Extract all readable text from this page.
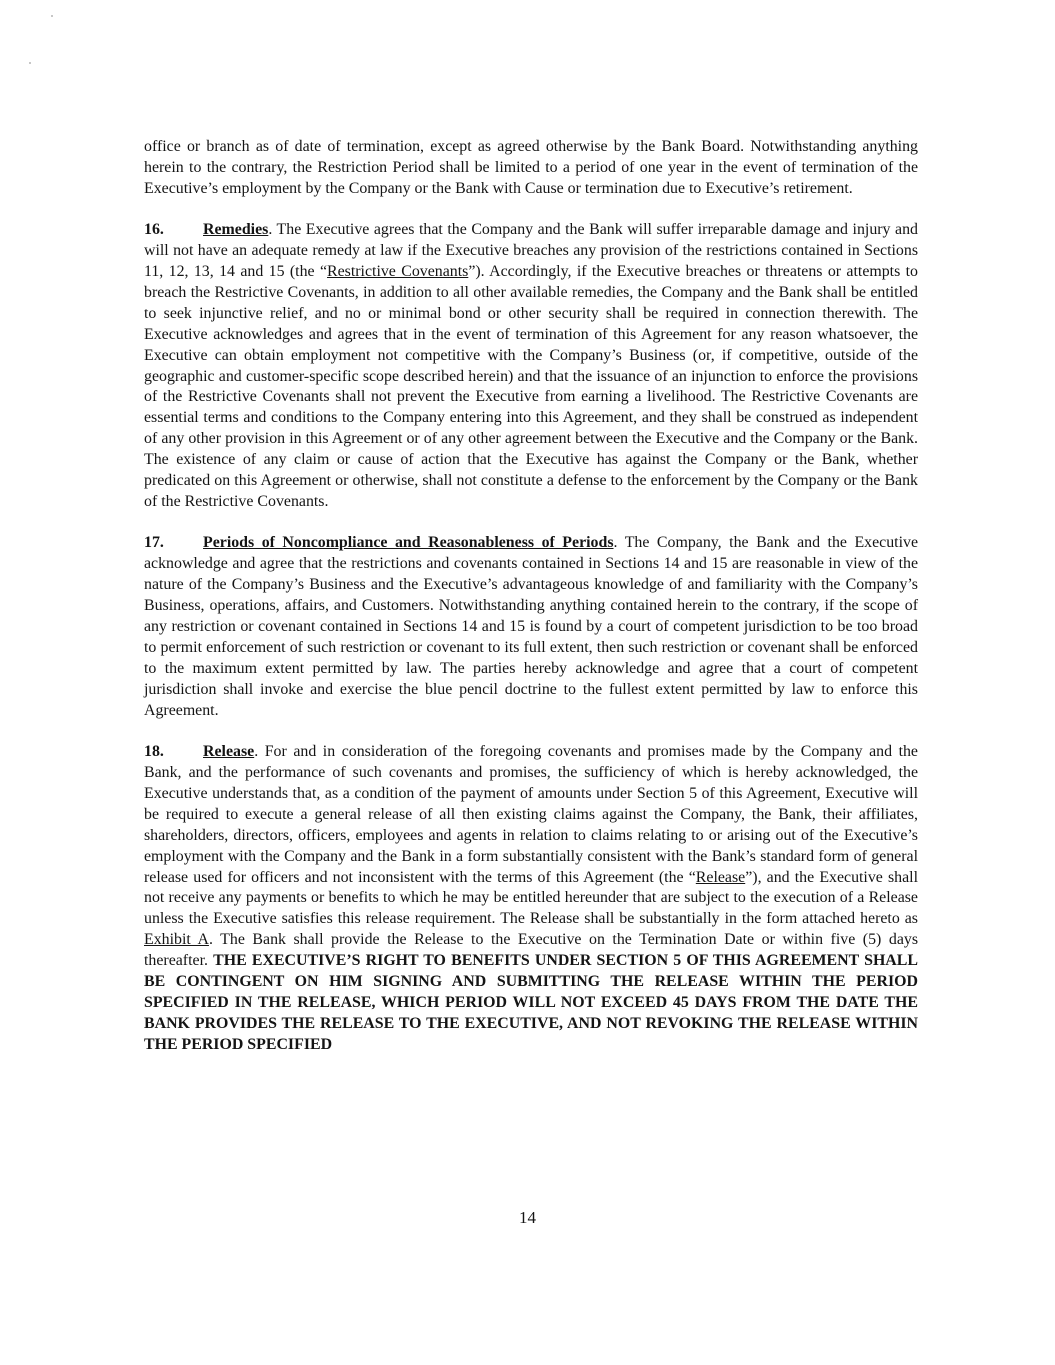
office or branch as of date of termination, except as agreed otherwise by the Bank Board. Notwithstanding anything herein to the contrary, the Restriction Period shall be limited to a period of one year in the event of termination of the Executive’s employment by the Company or the Bank with Cause or termination due to Executive’s retirement.

16. Remedies. The Executive agrees that the Company and the Bank will suffer irreparable damage and injury and will not have an adequate remedy at law if the Executive breaches any provision of the restrictions contained in Sections 11, 12, 13, 14 and 15 (the “Restrictive Covenants”). Accordingly, if the Executive breaches or threatens or attempts to breach the Restrictive Covenants, in addition to all other available remedies, the Company and the Bank shall be entitled to seek injunctive relief, and no or minimal bond or other security shall be required in connection therewith. The Executive acknowledges and agrees that in the event of termination of this Agreement for any reason whatsoever, the Executive can obtain employment not competitive with the Company’s Business (or, if competitive, outside of the geographic and customer-specific scope described herein) and that the issuance of an injunction to enforce the provisions of the Restrictive Covenants shall not prevent the Executive from earning a livelihood. The Restrictive Covenants are essential terms and conditions to the Company entering into this Agreement, and they shall be construed as independent of any other provision in this Agreement or of any other agreement between the Executive and the Company or the Bank. The existence of any claim or cause of action that the Executive has against the Company or the Bank, whether predicated on this Agreement or otherwise, shall not constitute a defense to the enforcement by the Company or the Bank of the Restrictive Covenants.

17. Periods of Noncompliance and Reasonableness of Periods. The Company, the Bank and the Executive acknowledge and agree that the restrictions and covenants contained in Sections 14 and 15 are reasonable in view of the nature of the Company’s Business and the Executive’s advantageous knowledge of and familiarity with the Company’s Business, operations, affairs, and Customers. Notwithstanding anything contained herein to the contrary, if the scope of any restriction or covenant contained in Sections 14 and 15 is found by a court of competent jurisdiction to be too broad to permit enforcement of such restriction or covenant to its full extent, then such restriction or covenant shall be enforced to the maximum extent permitted by law. The parties hereby acknowledge and agree that a court of competent jurisdiction shall invoke and exercise the blue pencil doctrine to the fullest extent permitted by law to enforce this Agreement.

18. Release. For and in consideration of the foregoing covenants and promises made by the Company and the Bank, and the performance of such covenants and promises, the sufficiency of which is hereby acknowledged, the Executive understands that, as a condition of the payment of amounts under Section 5 of this Agreement, Executive will be required to execute a general release of all then existing claims against the Company, the Bank, their affiliates, shareholders, directors, officers, employees and agents in relation to claims relating to or arising out of the Executive’s employment with the Company and the Bank in a form substantially consistent with the Bank’s standard form of general release used for officers and not inconsistent with the terms of this Agreement (the “Release”), and the Executive shall not receive any payments or benefits to which he may be entitled hereunder that are subject to the execution of a Release unless the Executive satisfies this release requirement. The Release shall be substantially in the form attached hereto as Exhibit A. The Bank shall provide the Release to the Executive on the Termination Date or within five (5) days thereafter. THE EXECUTIVE’S RIGHT TO BENEFITS UNDER SECTION 5 OF THIS AGREEMENT SHALL BE CONTINGENT ON HIM SIGNING AND SUBMITTING THE RELEASE WITHIN THE PERIOD SPECIFIED IN THE RELEASE, WHICH PERIOD WILL NOT EXCEED 45 DAYS FROM THE DATE THE BANK PROVIDES THE RELEASE TO THE EXECUTIVE, AND NOT REVOKING THE RELEASE WITHIN THE PERIOD SPECIFIED

14
